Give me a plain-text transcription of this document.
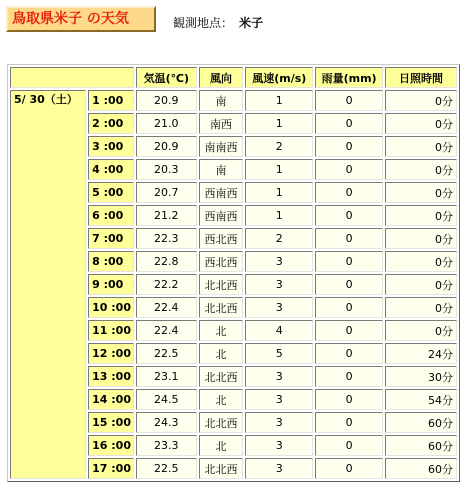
鳥取県米子 の天気	観測地点： 米子
		気温(℃)	風向	風速(m/s)	雨量(mm)	日照時間
5/ 30（土）	1 :00	20.9	南	1	0	0分
	2 :00	21.0	南西	1	0	0分
	3 :00	20.9	南南西	2	0	0分
	4 :00	20.3	南	1	0	0分
	5 :00	20.7	西南西	1	0	0分
	6 :00	21.2	西南西	1	0	0分
	7 :00	22.3	西北西	2	0	0分
	8 :00	22.8	西北西	3	0	0分
	9 :00	22.2	北北西	3	0	0分
	10 :00	22.4	北北西	3	0	0分
	11 :00	22.4	北	4	0	0分
	12 :00	22.5	北	5	0	24分
	13 :00	23.1	北北西	3	0	30分
	14 :00	24.5	北	3	0	54分
	15 :00	24.3	北北西	3	0	60分
	16 :00	23.3	北	3	0	60分
	17 :00	22.5	北北西	3	0	60分
